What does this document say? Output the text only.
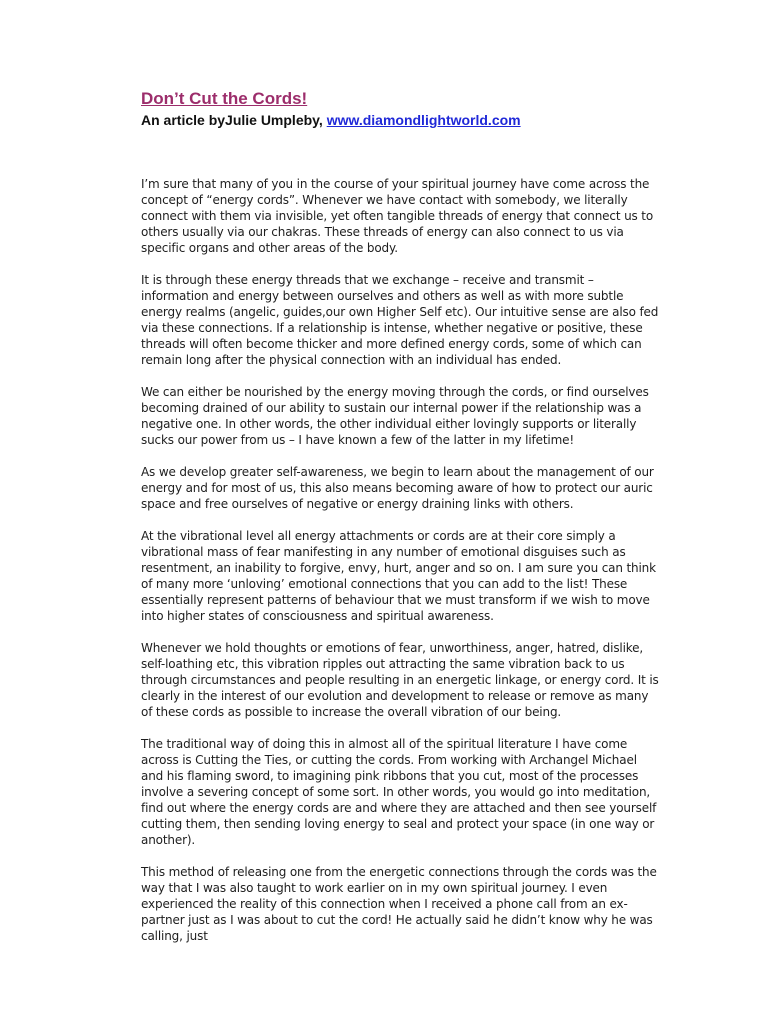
Don’t Cut the Cords!

An article byJulie Umpleby, www.diamondlightworld.com

I’m sure that many of you in the course of your spiritual journey have come across the concept of “energy cords”. Whenever we have contact with somebody, we literally connect with them via invisible, yet often tangible threads of energy that connect us to others usually via our chakras. These threads of energy can also connect to us via specific organs and other areas of the body.

It is through these energy threads that we exchange – receive and transmit – information and energy between ourselves and others as well as with more subtle energy realms (angelic, guides,our own Higher Self etc). Our intuitive sense are also fed via these connections. If a relationship is intense, whether negative or positive, these threads will often become thicker and more defined energy cords, some of which can remain long after the physical connection with an individual has ended.

We can either be nourished by the energy moving through the cords, or find ourselves becoming drained of our ability to sustain our internal power if the relationship was a negative one. In other words, the other individual either lovingly supports or literally sucks our power from us – I have known a few of the latter in my lifetime!

As we develop greater self-awareness, we begin to learn about the management of our energy and for most of us, this also means becoming aware of how to protect our auric space and free ourselves of negative or energy draining links with others.

At the vibrational level all energy attachments or cords are at their core simply a vibrational mass of fear manifesting in any number of emotional disguises such as resentment, an inability to forgive, envy, hurt, anger and so on. I am sure you can think of many more ‘unloving’ emotional connections that you can add to the list! These essentially represent patterns of behaviour that we must transform if we wish to move into higher states of consciousness and spiritual awareness.

Whenever we hold thoughts or emotions of fear, unworthiness, anger, hatred, dislike, self-loathing etc, this vibration ripples out attracting the same vibration back to us through circumstances and people resulting in an energetic linkage, or energy cord. It is clearly in the interest of our evolution and development to release or remove as many of these cords as possible to increase the overall vibration of our being.

The traditional way of doing this in almost all of the spiritual literature I have come across is Cutting the Ties, or cutting the cords. From working with Archangel Michael and his flaming sword, to imagining pink ribbons that you cut, most of the processes involve a severing concept of some sort. In other words, you would go into meditation, find out where the energy cords are and where they are attached and then see yourself cutting them, then sending loving energy to seal and protect your space (in one way or another).

This method of releasing one from the energetic connections through the cords was the way that I was also taught to work earlier on in my own spiritual journey. I even experienced the reality of this connection when I received a phone call from an ex-partner just as I was about to cut the cord! He actually said he didn’t know why he was calling, just
